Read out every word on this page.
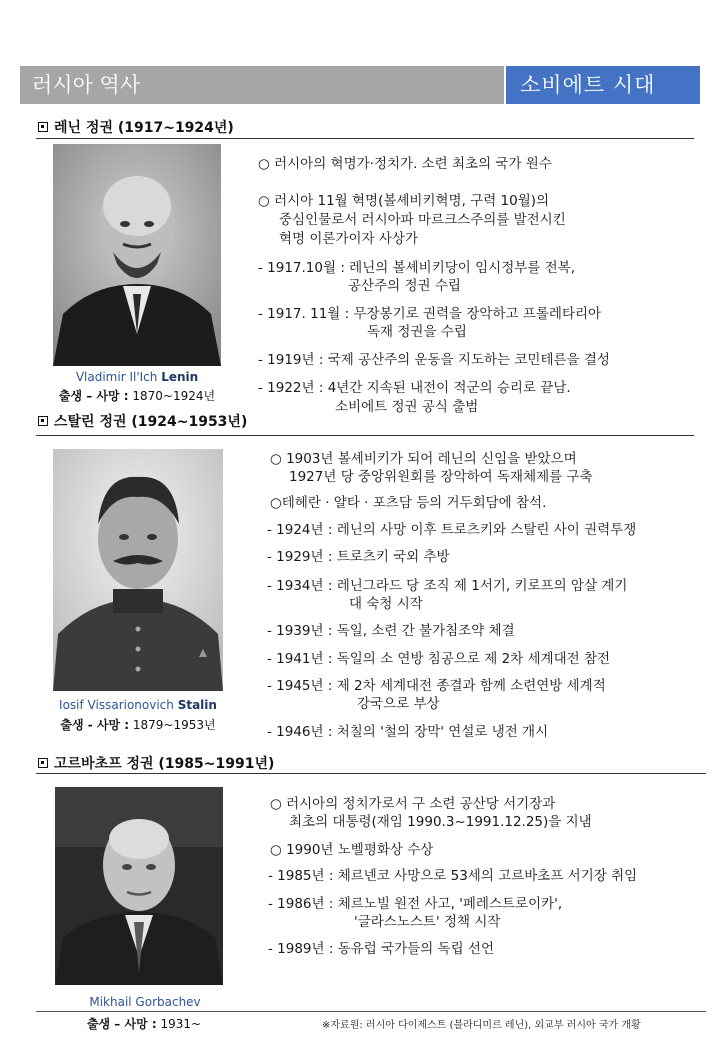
러시아 역사	소비에트 시대
레닌 정권 (1917~1924년)
Vladimir Il'Ich Lenin
출생 – 사망 : 1870~1924년
○ 러시아의 혁명가·정치가. 소련 최초의 국가 원수
○ 러시아 11월 혁명(볼셰비키혁명, 구력 10월)의
중심인물로서 러시아파 마르크스주의를 발전시킨
혁명 이론가이자 사상가
- 1917.10월 : 레닌의 볼셰비키당이 임시정부를 전복,
공산주의 정권 수립
- 1917. 11월 : 무장봉기로 권력을 장악하고 프롤레타리아
독재 정권을 수립
- 1919년 : 국제 공산주의 운동을 지도하는 코민테른을 결성
- 1922년 : 4년간 지속된 내전이 적군의 승리로 끝남.
소비에트 정권 공식 출범
스탈린 정권 (1924~1953년)
Iosif Vissarionovich Stalin
출생 - 사망 : 1879~1953년
○ 1903년 볼셰비키가 되어 레닌의 신임을 받았으며
1927년 당 중앙위원회를 장악하여 독재체제를 구축
○테헤란 · 얄타 · 포츠담 등의 거두회담에 참석.
- 1924년 : 레닌의 사망 이후 트로츠키와 스탈린 사이 권력투쟁
- 1929년 : 트로츠키 국외 추방
- 1934년 : 레닌그라드 당 조직 제 1서기, 키로프의 암살 계기
대 숙청 시작
- 1939년 : 독일, 소련 간 불가침조약 체결
- 1941년 : 독일의 소 연방 침공으로 제 2차 세계대전 참전
- 1945년 : 제 2차 세계대전 종결과 함께 소련연방 세계적
강국으로 부상
- 1946년 : 처칠의 '철의 장막' 연설로 냉전 개시
고르바초프 정권 (1985~1991년)
Mikhail Gorbachev
출생 – 사망 : 1931~
○ 러시아의 정치가로서 구 소련 공산당 서기장과
최초의 대통령(재임 1990.3~1991.12.25)을 지냄
○ 1990년 노벨평화상 수상
- 1985년 : 체르넨코 사망으로 53세의 고르바초프 서기장 취임
- 1986년 : 체르노빌 원전 사고, '페레스트로이카',
'글라스노스트' 정책 시작
- 1989년 : 동유럽 국가들의 독립 선언
※자료원: 러시아 다이제스트 (블라디미르 레닌), 외교부 러시아 국가 개황
